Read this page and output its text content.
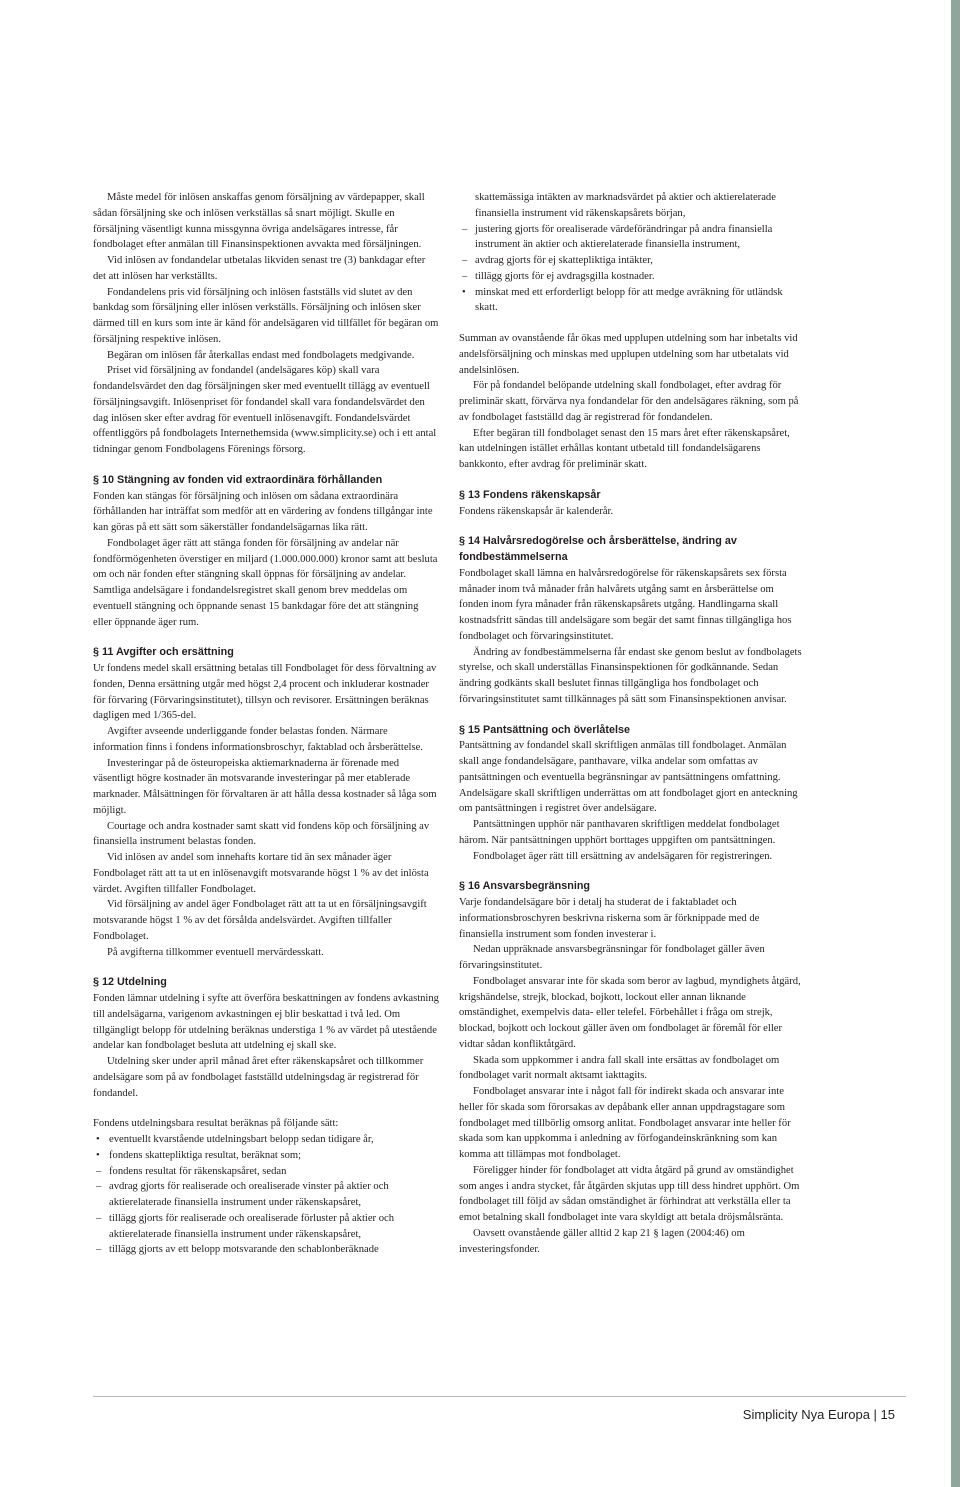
Måste medel för inlösen anskaffas genom försäljning av värdepapper, skall sådan försäljning ske och inlösen verkställas så snart möjligt. Skulle en försäljning väsentligt kunna missgynna övriga andelsägares intresse, får fondbolaget efter anmälan till Finansinspektionen avvakta med försäljningen.

Vid inlösen av fondandelar utbetalas likviden senast tre (3) bankdagar efter det att inlösen har verkställts.

Fondandelens pris vid försäljning och inlösen fastställs vid slutet av den bankdag som försäljning eller inlösen verkställs. Försäljning och inlösen sker därmed till en kurs som inte är känd för andelsägaren vid tillfället för begäran om försäljning respektive inlösen.

Begäran om inlösen får återkallas endast med fondbolagets medgivande.

Priset vid försäljning av fondandel (andelsägares köp) skall vara fondandelsvärdet den dag försäljningen sker med eventuellt tillägg av eventuell försäljningsavgift. Inlösenpriset för fondandel skall vara fondandelsvärdet den dag inlösen sker efter avdrag för eventuell inlösenavgift. Fondandelsvärdet offentliggörs på fondbolagets Internethemsida (www.simplicity.se) och i ett antal tidningar genom Fondbolagens Förenings försorg.

§ 10 Stängning av fonden vid extraordinära förhållanden

Fonden kan stängas för försäljning och inlösen om sådana extraordinära förhållanden har inträffat som medför att en värdering av fondens tillgångar inte kan göras på ett sätt som säkerställer fondandelsägarnas lika rätt.

Fondbolaget äger rätt att stänga fonden för försäljning av andelar när fondförmögenheten överstiger en miljard (1.000.000.000) kronor samt att besluta om och när fonden efter stängning skall öppnas för försäljning av andelar. Samtliga andelsägare i fondandelsregistret skall genom brev meddelas om eventuell stängning och öppnande senast 15 bankdagar före det att stängning eller öppnande äger rum.

§ 11 Avgifter och ersättning

Ur fondens medel skall ersättning betalas till Fondbolaget för dess förvaltning av fonden, Denna ersättning utgår med högst 2,4 procent och inkluderar kostnader för förvaring (Förvaringsinstitutet), tillsyn och revisorer. Ersättningen beräknas dagligen med 1/365-del.

Avgifter avseende underliggande fonder belastas fonden. Närmare information finns i fondens informationsbroschyr, faktablad och årsberättelse.

Investeringar på de östeuropeiska aktiemarknaderna är förenade med väsentligt högre kostnader än motsvarande investeringar på mer etablerade marknader. Målsättningen för förvaltaren är att hålla dessa kostnader så låga som möjligt.

Courtage och andra kostnader samt skatt vid fondens köp och försäljning av finansiella instrument belastas fonden.

Vid inlösen av andel som innehafts kortare tid än sex månader äger Fondbolaget rätt att ta ut en inlösenavgift motsvarande högst 1 % av det inlösta värdet. Avgiften tillfaller Fondbolaget.

Vid försäljning av andel äger Fondbolaget rätt att ta ut en försäljningsavgift motsvarande högst 1 % av det försålda andelsvärdet. Avgiften tillfaller Fondbolaget.

På avgifterna tillkommer eventuell mervärdesskatt.

§ 12 Utdelning

Fonden lämnar utdelning i syfte att överföra beskattningen av fondens avkastning till andelsägarna, varigenom avkastningen ej blir beskattad i två led. Om tillgängligt belopp för utdelning beräknas understiga 1 % av värdet på utestående andelar kan fondbolaget besluta att utdelning ej skall ske.

Utdelning sker under april månad året efter räkenskapsåret och tillkommer andelsägare som på av fondbolaget fastställd utdelningsdag är registrerad för fondandel.

Fondens utdelningsbara resultat beräknas på följande sätt:

• eventuellt kvarstående utdelningsbart belopp sedan tidigare år,
• fondens skattepliktiga resultat, beräknat som;
– fondens resultat för räkenskapsåret, sedan
– avdrag gjorts för realiserade och orealiserade vinster på aktier och aktierelaterade finansiella instrument under räkenskapsåret,
– tillägg gjorts för realiserade och orealiserade förluster på aktier och aktierelaterade finansiella instrument under räkenskapsåret,
– tillägg gjorts av ett belopp motsvarande den schablonberäknade
skattemässiga intäkten av marknadsvärdet på aktier och aktierelaterade finansiella instrument vid räkenskapsårets början,
– justering gjorts för orealiserade värdeförändringar på andra finansiella instrument än aktier och aktierelaterade finansiella instrument,
– avdrag gjorts för ej skattepliktiga intäkter,
– tillägg gjorts för ej avdragsgilla kostnader.
• minskat med ett erforderligt belopp för att medge avräkning för utländsk skatt.

Summan av ovanstående får ökas med upplupen utdelning som har inbetalts vid andelsförsäljning och minskas med upplupen utdelning som har utbetalats vid andelsinlösen.

För på fondandel belöpande utdelning skall fondbolaget, efter avdrag för preliminär skatt, förvärva nya fondandelar för den andelsägares räkning, som på av fondbolaget fastställd dag är registrerad för fondandelen.

Efter begäran till fondbolaget senast den 15 mars året efter räkenskapsåret, kan utdelningen istället erhållas kontant utbetald till fondandelsägarens bankkonto, efter avdrag för preliminär skatt.

§ 13 Fondens räkenskapsår

Fondens räkenskapsår är kalenderår.

§ 14 Halvårsredogörelse och årsberättelse, ändring av fondbestämmelserna

Fondbolaget skall lämna en halvårsredogörelse för räkenskapsårets sex första månader inom två månader från halvårets utgång samt en årsberättelse om fonden inom fyra månader från räkenskapsårets utgång. Handlingarna skall kostnadsfritt sändas till andelsägare som begär det samt finnas tillgängliga hos fondbolaget och förvaringsinstitutet.

Ändring av fondbestämmelserna får endast ske genom beslut av fondbolagets styrelse, och skall underställas Finansinspektionen för godkännande. Sedan ändring godkänts skall beslutet finnas tillgängliga hos fondbolaget och förvaringsinstitutet samt tillkännages på sätt som Finansinspektionen anvisar.

§ 15 Pantsättning och överlåtelse

Pantsättning av fondandel skall skriftligen anmälas till fondbolaget. Anmälan skall ange fondandelsägare, panthavare, vilka andelar som omfattas av pantsättningen och eventuella begränsningar av pantsättningens omfattning. Andelsägare skall skriftligen underrättas om att fondbolaget gjort en anteckning om pantsättningen i registret över andelsägare.

Pantsättningen upphör när panthavaren skriftligen meddelat fondbolaget härom. När pantsättningen upphört borttages uppgiften om pantsättningen.

Fondbolaget äger rätt till ersättning av andelsägaren för registreringen.

§ 16 Ansvarsbegränsning

Varje fondandelsägare bör i detalj ha studerat de i faktabladet och informationsbroschyren beskrivna riskerna som är förknippade med de finansiella instrument som fonden investerar i.

Nedan uppräknade ansvarsbegränsningar för fondbolaget gäller även förvaringsinstitutet.

Fondbolaget ansvarar inte för skada som beror av lagbud, myndighets åtgärd, krigshändelse, strejk, blockad, bojkott, lockout eller annan liknande omständighet, exempelvis data- eller telefel. Förbehållet i fråga om strejk, blockad, bojkott och lockout gäller även om fondbolaget är föremål för eller vidtar sådan konfliktåtgärd.

Skada som uppkommer i andra fall skall inte ersättas av fondbolaget om fondbolaget varit normalt aktsamt iakttagits.

Fondbolaget ansvarar inte i något fall för indirekt skada och ansvarar inte heller för skada som förorsakas av depåbank eller annan uppdragstagare som fondbolaget med tillbörlig omsorg anlitat. Fondbolaget ansvarar inte heller för skada som kan uppkomma i anledning av förfogandeinskränkning som kan komma att tillämpas mot fondbolaget.

Föreligger hinder för fondbolaget att vidta åtgärd på grund av omständighet som anges i andra stycket, får åtgärden skjutas upp till dess hindret upphört. Om fondbolaget till följd av sådan omständighet är förhindrat att verkställa eller ta emot betalning skall fondbolaget inte vara skyldigt att betala dröjsmålsränta.

Oavsett ovanstående gäller alltid 2 kap 21 § lagen (2004:46) om investeringsfonder.

Simplicity Nya Europa | 15
